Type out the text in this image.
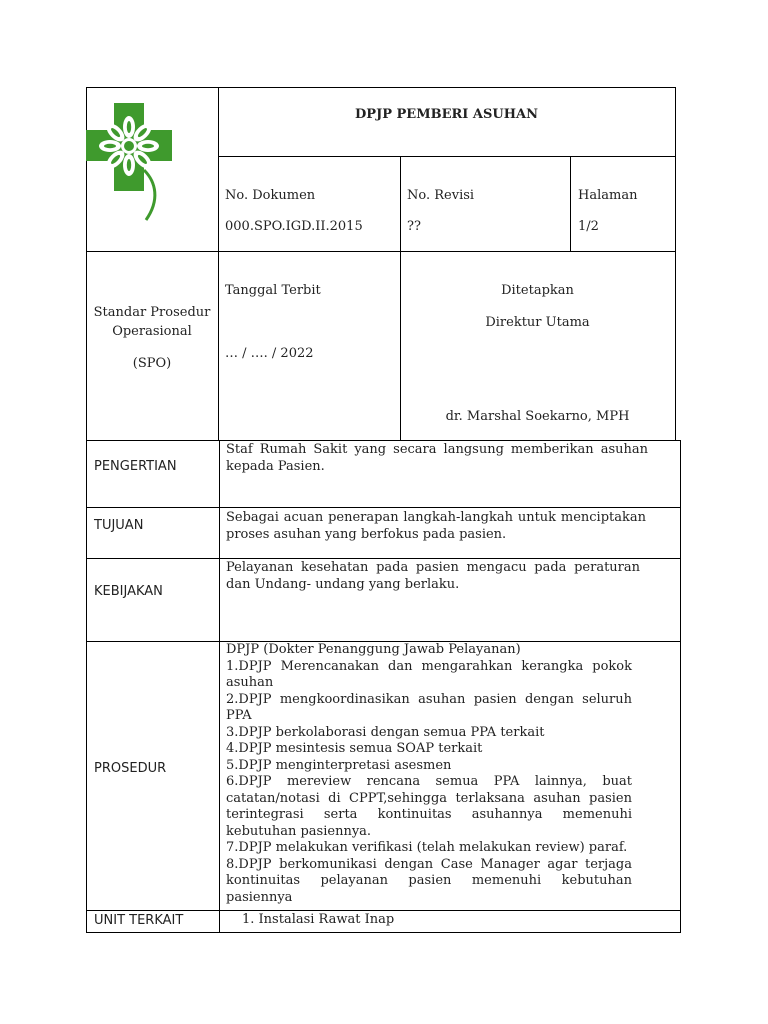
DPJP PEMBERI ASUHAN
No. Dokumen
000.SPO.IGD.II.2015
No. Revisi
??
Halaman
1/2
Standar Prosedur
Operasional
(SPO)
Tanggal Terbit
… / …. / 2022
Ditetapkan
Direktur Utama
dr. Marshal Soekarno, MPH
PENGERTIAN
TUJUAN
KEBIJAKAN
PROSEDUR
UNIT TERKAIT
Staf Rumah Sakit yang secara langsung memberikan asuhan kepada Pasien.
Sebagai acuan penerapan langkah-langkah untuk menciptakan proses asuhan yang berfokus pada pasien.
Pelayanan kesehatan pada pasien mengacu pada peraturan dan Undang- undang yang berlaku.
DPJP (Dokter Penanggung Jawab Pelayanan)
1.DPJP Merencanakan dan mengarahkan kerangka pokok asuhan
2.DPJP mengkoordinasikan asuhan pasien dengan seluruh PPA
3.DPJP berkolaborasi dengan semua PPA terkait
4.DPJP mesintesis semua SOAP terkait
5.DPJP menginterpretasi asesmen
6.DPJP mereview rencana semua PPA lainnya, buat catatan/notasi di CPPT,sehingga terlaksana asuhan pasien terintegrasi serta kontinuitas asuhannya memenuhi kebutuhan pasiennya.
7.DPJP melakukan verifikasi (telah melakukan review) paraf.
8.DPJP berkomunikasi dengan Case Manager agar terjaga kontinuitas pelayanan pasien memenuhi kebutuhan pasiennya
1. Instalasi Rawat Inap
